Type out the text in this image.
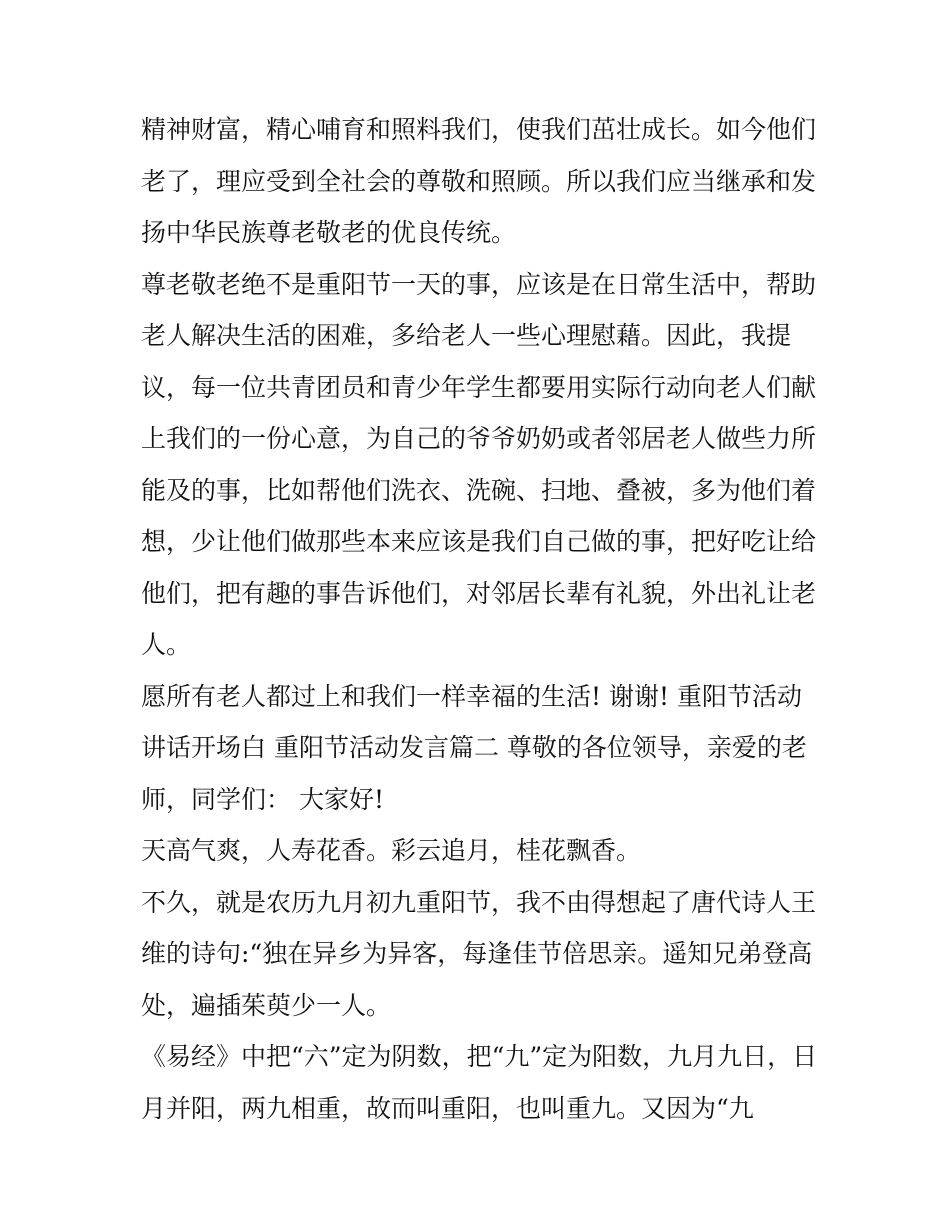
精神财富，精心哺育和照料我们，使我们茁壮成长。如今他们
老了，理应受到全社会的尊敬和照顾。所以我们应当继承和发
扬中华民族尊老敬老的优良传统。
尊老敬老绝不是重阳节一天的事，应该是在日常生活中，帮助
老人解决生活的困难，多给老人一些心理慰藉。因此，我提
议，每一位共青团员和青少年学生都要用实际行动向老人们献
上我们的一份心意，为自己的爷爷奶奶或者邻居老人做些力所
能及的事，比如帮他们洗衣、洗碗、扫地、叠被，多为他们着
想，少让他们做那些本来应该是我们自己做的事，把好吃让给
他们，把有趣的事告诉他们，对邻居长辈有礼貌，外出礼让老
人。
愿所有老人都过上和我们一样幸福的生活! 谢谢! 重阳节活动
讲话开场白 重阳节活动发言篇二 尊敬的各位领导，亲爱的老
师，同学们： 大家好!
天高气爽，人寿花香。彩云追月，桂花飘香。
不久，就是农历九月初九重阳节，我不由得想起了唐代诗人王
维的诗句:“独在异乡为异客，每逢佳节倍思亲。遥知兄弟登高
处，遍插茱萸少一人。
《易经》中把“六”定为阴数，把“九”定为阳数，九月九日，日
月并阳，两九相重，故而叫重阳，也叫重九。又因为“九
